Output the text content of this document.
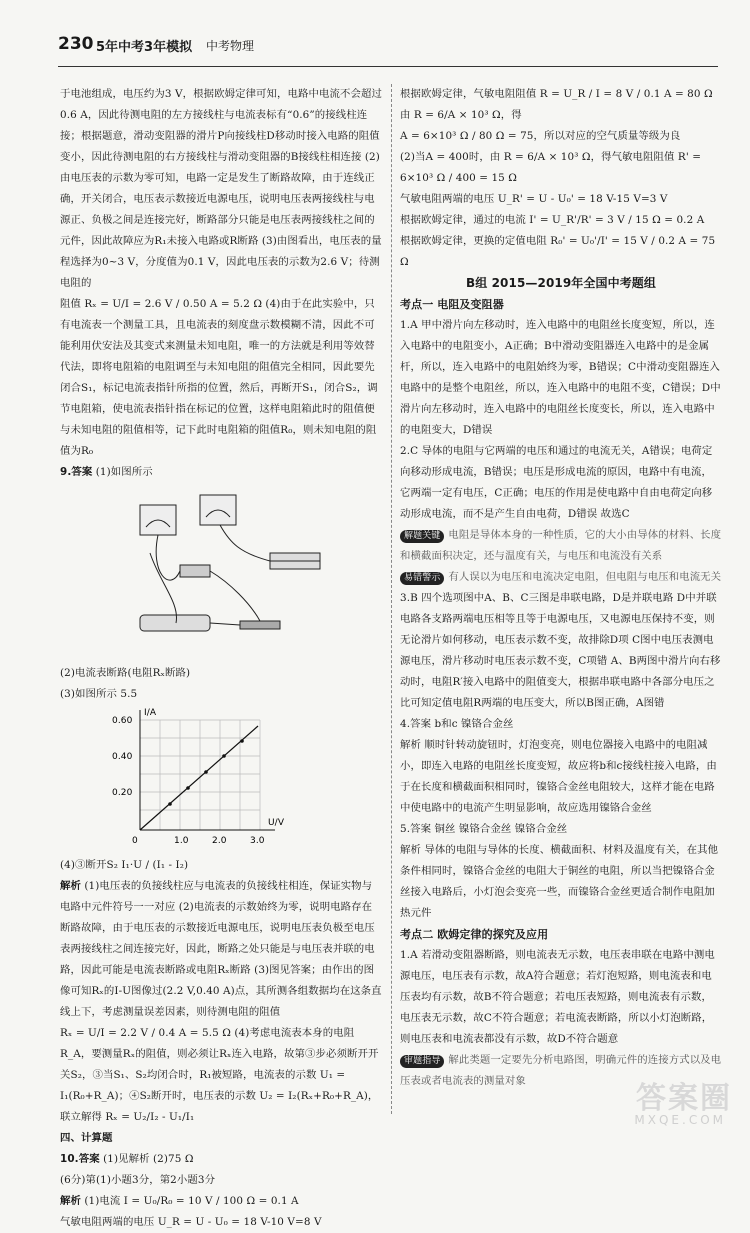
230 5年中考3年模拟 中考物理

于电池组成，电压约为3 V，根据欧姆定律可知，电路中电流不会超过0.6 A，因此待测电阻的左方接线柱与电流表标有“0.6”的接线柱连接；根据题意，滑动变阻器的滑片P向接线柱D移动时接入电路的阻值变小，因此待测电阻的右方接线柱与滑动变阻器的B接线柱相连接 (2)由电压表的示数为零可知，电路一定是发生了断路故障，由于连线正确，开关闭合，电压表示数接近电源电压，说明电压表两接线柱与电源正、负极之间是连接完好，断路部分只能是电压表两接线柱之间的元件，因此故障应为R₁未接入电路或R断路 (3)由图看出，电压表的量程选择为0~3 V，分度值为0.1 V，因此电压表的示数为2.6 V；待测电阻的

阻值 Rₓ = U/I = 2.6 V / 0.50 A = 5.2 Ω (4)由于在此实验中，只有电流表一个测量工具，且电流表的刻度盘示数模糊不清，因此不可能利用伏安法及其变式来测量未知电阻，唯一的方法就是利用等效替代法，即将电阻箱的电阻调至与未知电阻的阻值完全相同，因此要先闭合S₁，标记电流表指针所指的位置，然后，再断开S₁，闭合S₂，调节电阻箱，使电流表指针指在标记的位置，这样电阻箱此时的阻值便与未知电阻的阻值相等，记下此时电阻箱的阻值R₀，则未知电阻的阻值为R₀

9.答案 (1)如图所示

(2)电流表断路(电阻Rₓ断路)

(3)如图所示 5.5

0.60
0.40
0.20
0	1.0	2.0	3.0
I/A
U/V

(4)③断开S₂ I₁·U / (I₁ - I₂)

解析 (1)电压表的负接线柱应与电流表的负接线柱相连，保证实物与电路中元件符号一一对应 (2)电流表的示数始终为零，说明电路存在断路故障，由于电压表的示数接近电源电压，说明电压表负极至电压表两接线柱之间连接完好，因此，断路之处只能是与电压表并联的电路，因此可能是电流表断路或电阻Rₓ断路 (3)图见答案；由作出的图像可知Rₓ的I-U图像过(2.2 V,0.40 A)点，其所测各组数据均在这条直线上下，考虑测量误差因素，则待测电阻的阻值

Rₓ = U/I = 2.2 V / 0.4 A = 5.5 Ω (4)考虑电流表本身的电阻R_A，要测量Rₓ的阻值，则必须让Rₓ连入电路，故第③步必须断开开关S₂，③当S₁、S₂均闭合时，R₁被短路，电流表的示数 U₁ = I₁(R₀+R_A)；④S₂断开时，电压表的示数 U₂ = I₂(Rₓ+R₀+R_A)，联立解得 Rₓ = U₂/I₂ - U₁/I₁

四、计算题

10.答案 (1)见解析 (2)75 Ω

(6分)第(1)小题3分，第2小题3分

解析 (1)电流 I = U₀/R₀ = 10 V / 100 Ω = 0.1 A

气敏电阻两端的电压 U_R = U - U₀ = 18 V-10 V=8 V

根据欧姆定律，气敏电阻阻值 R = U_R / I = 8 V / 0.1 A = 80 Ω

由 R = 6/A × 10³ Ω，得

A = 6×10³ Ω / 80 Ω = 75，所以对应的空气质量等级为良

(2)当A = 400时，由 R = 6/A × 10³ Ω，得气敏电阻阻值 R' = 6×10³ Ω / 400 = 15 Ω

气敏电阻两端的电压 U_R' = U - U₀' = 18 V-15 V=3 V

根据欧姆定律，通过的电流 I' = U_R'/R' = 3 V / 15 Ω = 0.2 A

根据欧姆定律，更换的定值电阻 R₀' = U₀'/I' = 15 V / 0.2 A = 75 Ω

B组 2015—2019年全国中考题组

考点一 电阻及变阻器

1.A 甲中滑片向左移动时，连入电路中的电阻丝长度变短，所以，连入电路中的电阻变小，A正确；B中滑动变阻器连入电路中的是金属杆，所以，连入电路中的电阻始终为零，B错误；C中滑动变阻器连入电路中的是整个电阻丝，所以，连入电路中的电阻不变，C错误；D中滑片向左移动时，连入电路中的电阻丝长度变长，所以，连入电路中的电阻变大，D错误

2.C 导体的电阻与它两端的电压和通过的电流无关，A错误；电荷定向移动形成电流，B错误；电压是形成电流的原因，电路中有电流，它两端一定有电压，C正确；电压的作用是使电路中自由电荷定向移动形成电流，而不是产生自由电荷，D错误 故选C

解题关键 电阻是导体本身的一种性质，它的大小由导体的材料、长度和横截面积决定，还与温度有关，与电压和电流没有关系

易错警示 有人误以为电压和电流决定电阻，但电阻与电压和电流无关

3.B 四个选项图中A、B、C三图是串联电路，D是并联电路 D中并联电路各支路两端电压相等且等于电源电压，又电源电压保持不变，则无论滑片如何移动，电压表示数不变，故排除D项 C图中电压表测电源电压，滑片移动时电压表示数不变，C项错 A、B两图中滑片向右移动时，电阻R′接入电路中的阻值变大，根据串联电路中各部分电压之比可知定值电阻R两端的电压变大，所以B图正确，A图错

4.答案 b和c 镍铬合金丝

解析 顺时针转动旋钮时，灯泡变亮，则电位器接入电路中的电阻减小，即连入电路的电阻丝长度变短，故应将b和c接线柱接入电路，由于在长度和横截面积相同时，镍铬合金丝电阻较大，这样才能在电路中使电路中的电流产生明显影响，故应选用镍铬合金丝

5.答案 铜丝 镍铬合金丝 镍铬合金丝

解析 导体的电阻与导体的长度、横截面积、材料及温度有关，在其他条件相同时，镍铬合金丝的电阻大于铜丝的电阻，所以当把镍铬合金丝接入电路后，小灯泡会变亮一些，而镍铬合金丝更适合制作电阻加热元件

考点二 欧姆定律的探究及应用

1.A 若滑动变阻器断路，则电流表无示数，电压表串联在电路中测电源电压，电压表有示数，故A符合题意；若灯泡短路，则电流表和电压表均有示数，故B不符合题意；若电压表短路，则电流表有示数，电压表无示数，故C不符合题意；若电流表断路，所以小灯泡断路，则电压表和电流表都没有示数，故D不符合题意

审题指导 解此类题一定要先分析电路图，明确元件的连接方式以及电压表或者电流表的测量对象	答案圈
MXQE.COM
